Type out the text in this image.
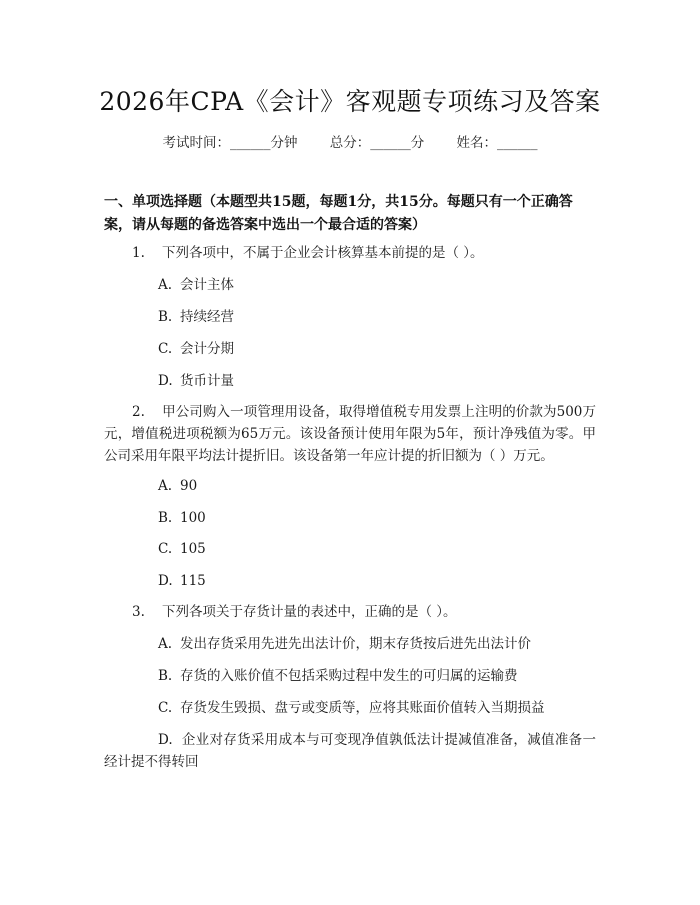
2026年CPA《会计》客观题专项练习及答案
考试时间：______分钟 总分：______分 姓名：______
一、单项选择题（本题型共15题，每题1分，共15分。每题只有一个正确答案，请从每题的备选答案中选出一个最合适的答案）
1. 下列各项中，不属于企业会计核算基本前提的是（ ）。
A. 会计主体
B. 持续经营
C. 会计分期
D. 货币计量
2. 甲公司购入一项管理用设备，取得增值税专用发票上注明的价款为500万元，增值税进项税额为65万元。该设备预计使用年限为5年，预计净残值为零。甲公司采用年限平均法计提折旧。该设备第一年应计提的折旧额为（ ）万元。
A. 90
B. 100
C. 105
D. 115
3. 下列各项关于存货计量的表述中，正确的是（ ）。
A. 发出存货采用先进先出法计价，期末存货按后进先出法计价
B. 存货的入账价值不包括采购过程中发生的可归属的运输费
C. 存货发生毁损、盘亏或变质等，应将其账面价值转入当期损益
D. 企业对存货采用成本与可变现净值孰低法计提减值准备，减值准备一经计提不得转回
